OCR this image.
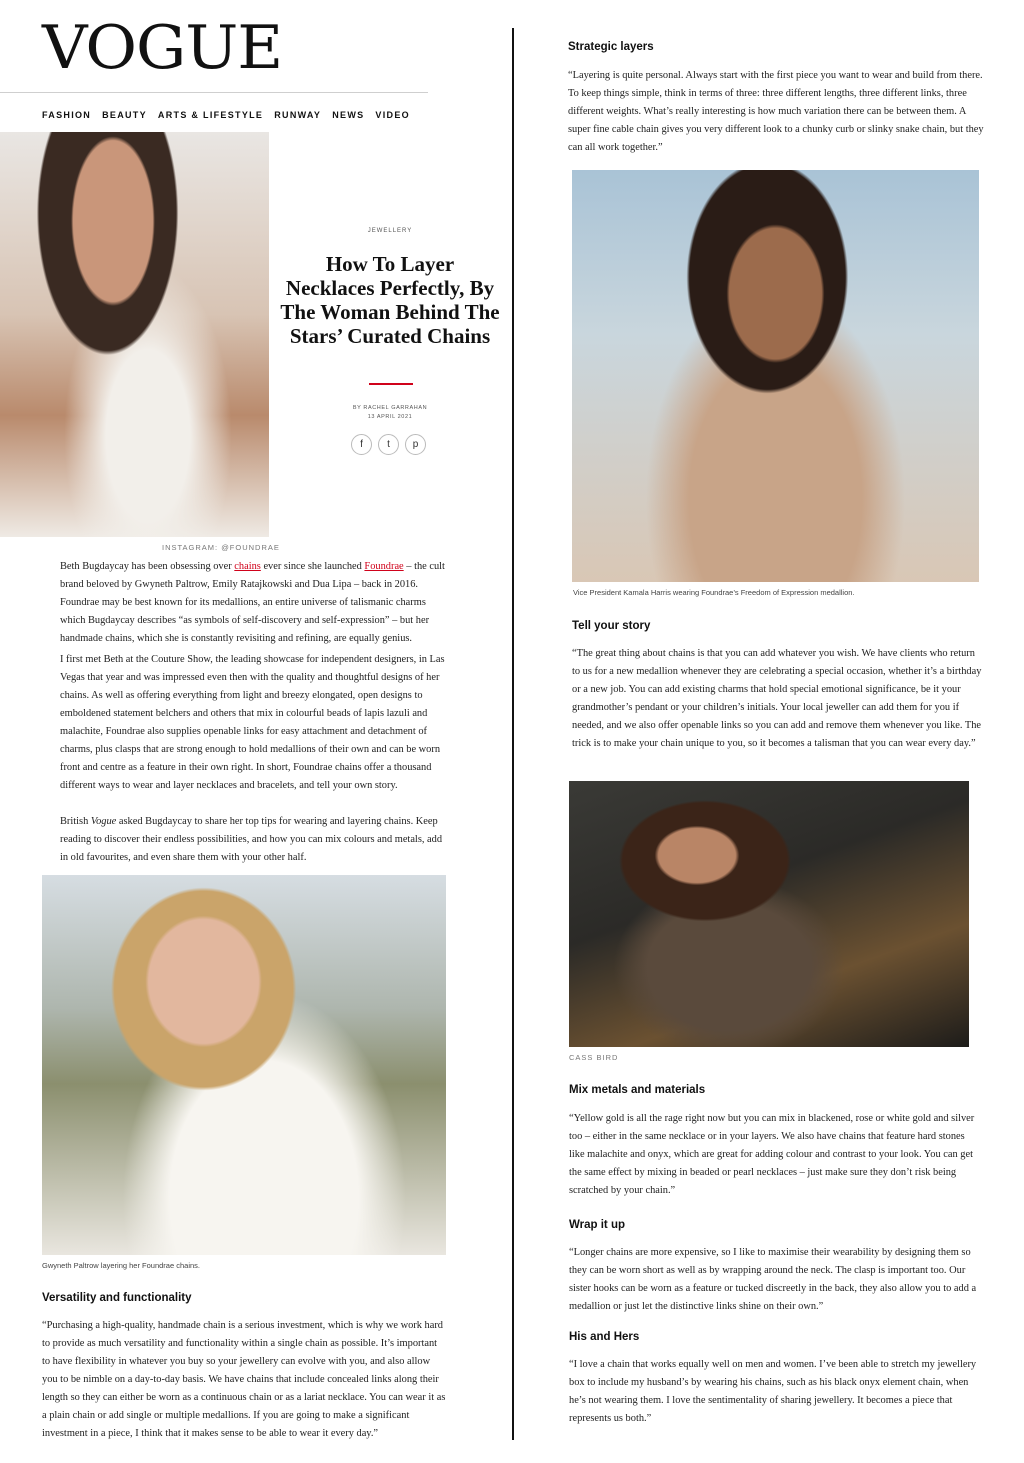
VOGUE
FASHION BEAUTY ARTS & LIFESTYLE RUNWAY NEWS VIDEO
JEWELLERY
How To Layer Necklaces Perfectly, By The Woman Behind The Stars’ Curated Chains
BY RACHEL GARRAHAN
13 APRIL 2021
f	t	p
INSTAGRAM: @FOUNDRAE

Beth Bugdaycay has been obsessing over chains ever since she launched Foundrae – the cult brand beloved by Gwyneth Paltrow, Emily Ratajkowski and Dua Lipa – back in 2016. Foundrae may be best known for its medallions, an entire universe of talismanic charms which Bugdaycay describes “as symbols of self-discovery and self-expression” – but her handmade chains, which she is constantly revisiting and refining, are equally genius.

I first met Beth at the Couture Show, the leading showcase for independent designers, in Las Vegas that year and was impressed even then with the quality and thoughtful designs of her chains. As well as offering everything from light and breezy elongated, open designs to emboldened statement belchers and others that mix in colourful beads of lapis lazuli and malachite, Foundrae also supplies openable links for easy attachment and detachment of charms, plus clasps that are strong enough to hold medallions of their own and can be worn front and centre as a feature in their own right. In short, Foundrae chains offer a thousand different ways to wear and layer necklaces and bracelets, and tell your own story.

British Vogue asked Bugdaycay to share her top tips for wearing and layering chains. Keep reading to discover their endless possibilities, and how you can mix colours and metals, add in old favourites, and even share them with your other half.

Gwyneth Paltrow layering her Foundrae chains.
Versatility and functionality

“Purchasing a high-quality, handmade chain is a serious investment, which is why we work hard to provide as much versatility and functionality within a single chain as possible. It’s important to have flexibility in whatever you buy so your jewellery can evolve with you, and also allow you to be nimble on a day-to-day basis. We have chains that include concealed links along their length so they can either be worn as a continuous chain or as a lariat necklace. You can wear it as a plain chain or add single or multiple medallions. If you are going to make a significant investment in a piece, I think that it makes sense to be able to wear it every day.”

Strategic layers

“Layering is quite personal. Always start with the first piece you want to wear and build from there. To keep things simple, think in terms of three: three different lengths, three different links, three different weights. What’s really interesting is how much variation there can be between them. A super fine cable chain gives you very different look to a chunky curb or slinky snake chain, but they can all work together.”

Vice President Kamala Harris wearing Foundrae’s Freedom of Expression medallion.
Tell your story

“The great thing about chains is that you can add whatever you wish. We have clients who return to us for a new medallion whenever they are celebrating a special occasion, whether it’s a birthday or a new job. You can add existing charms that hold special emotional significance, be it your grandmother’s pendant or your children’s initials. Your local jeweller can add them for you if needed, and we also offer openable links so you can add and remove them whenever you like. The trick is to make your chain unique to you, so it becomes a talisman that you can wear every day.”

CASS BIRD
Mix metals and materials

“Yellow gold is all the rage right now but you can mix in blackened, rose or white gold and silver too – either in the same necklace or in your layers. We also have chains that feature hard stones like malachite and onyx, which are great for adding colour and contrast to your look. You can get the same effect by mixing in beaded or pearl necklaces – just make sure they don’t risk being scratched by your chain.”

Wrap it up

“Longer chains are more expensive, so I like to maximise their wearability by designing them so they can be worn short as well as by wrapping around the neck. The clasp is important too. Our sister hooks can be worn as a feature or tucked discreetly in the back, they also allow you to add a medallion or just let the distinctive links shine on their own.”

His and Hers

“I love a chain that works equally well on men and women. I’ve been able to stretch my jewellery box to include my husband’s by wearing his chains, such as his black onyx element chain, when he’s not wearing them. I love the sentimentality of sharing jewellery. It becomes a piece that represents us both.”
